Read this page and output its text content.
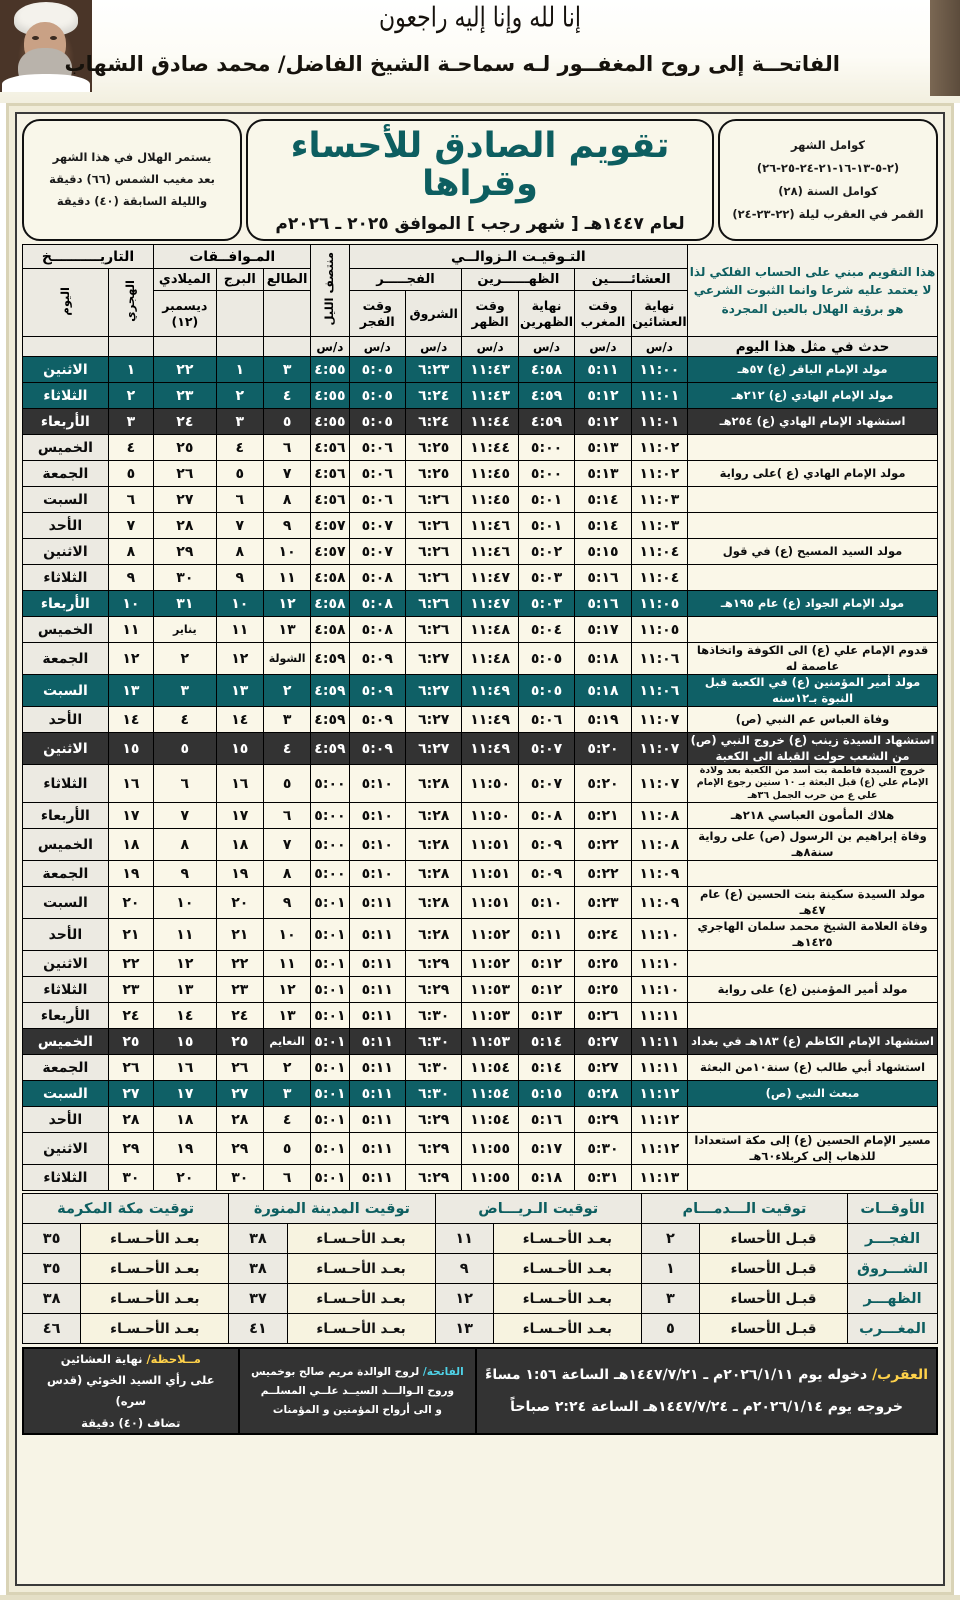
إنا لله وإنا إليه راجعون
الفاتحــة إلى روح المغفــور لـه سماحـة الشيخ الفاضل/ محمد صادق الشهاب
كوامل الشهر
(٢-٥-١٣-١٦-٢١-٢٤-٢٥-٢٦)
كوامل السنة (٢٨)
القمر في العقرب ليلة (٢٢-٢٣-٢٤)
تقويم الصادق للأحساء وقراها
لعام ١٤٤٧هـ [ شهر رجب ] الموافق ٢٠٢٥ ـ ٢٠٢٦م
يستمر الهلال في هذا الشهر
بعد مغيب الشمس (٦٦) دقيقة
والليلة السابقة (٤٠) دقيقة
هذا التقويم مبني على الحساب الفلكي لذا لا يعتمد عليه شرعا وانما الثبوت الشرعي هو برؤية الهلال بالعين المجردة	التـوقيـت الـزوالــي						منتصف الليل	المـوافــقات			التاريــــــــــخ	
	العشائـــــين		الظهــــــرين		الفجـــــر			الطالع	البرج	الميلادي	الهجري	اليوم
	نهاية العشائين	وقت المغرب	نهاية الظهرين	وقت الظهر	الشروق	وقت الفجر				ديسمبر (١٢)		
حدث في مثل هذا اليوم	د/س	د/س	د/س	د/س	د/س	د/س	د/س					
مولد الإمام الباقر (ع) ٥٧هـ	١١:٠٠	٥:١١	٤:٥٨	١١:٤٣	٦:٢٣	٥:٠٥	٤:٥٥	٣	١	٢٢	١	الاثنين
مولد الإمام الهادي (ع) ٢١٢هـ	١١:٠١	٥:١٢	٤:٥٩	١١:٤٣	٦:٢٤	٥:٠٥	٤:٥٥	٤	٢	٢٣	٢	الثلاثاء
استشهاد الإمام الهادي (ع) ٢٥٤هـ	١١:٠١	٥:١٢	٤:٥٩	١١:٤٤	٦:٢٤	٥:٠٥	٤:٥٥	٥	٣	٢٤	٣	الأربعاء
	١١:٠٢	٥:١٣	٥:٠٠	١١:٤٤	٦:٢٥	٥:٠٦	٤:٥٦	٦	٤	٢٥	٤	الخميس
مولد الإمام الهادي (ع )على رواية	١١:٠٢	٥:١٣	٥:٠٠	١١:٤٥	٦:٢٥	٥:٠٦	٤:٥٦	٧	٥	٢٦	٥	الجمعة
	١١:٠٣	٥:١٤	٥:٠١	١١:٤٥	٦:٢٦	٥:٠٦	٤:٥٦	٨	٦	٢٧	٦	السبت
	١١:٠٣	٥:١٤	٥:٠١	١١:٤٦	٦:٢٦	٥:٠٧	٤:٥٧	٩	٧	٢٨	٧	الأحد
مولد السيد المسيح (ع) في قول	١١:٠٤	٥:١٥	٥:٠٢	١١:٤٦	٦:٢٦	٥:٠٧	٤:٥٧	١٠	٨	٢٩	٨	الاثنين
	١١:٠٤	٥:١٦	٥:٠٣	١١:٤٧	٦:٢٦	٥:٠٨	٤:٥٨	١١	٩	٣٠	٩	الثلاثاء
مولد الإمام الجواد (ع) عام ١٩٥هـ	١١:٠٥	٥:١٦	٥:٠٣	١١:٤٧	٦:٢٦	٥:٠٨	٤:٥٨	١٢	١٠	٣١	١٠	الأربعاء
	١١:٠٥	٥:١٧	٥:٠٤	١١:٤٨	٦:٢٦	٥:٠٨	٤:٥٨	١٣	١١	يناير	١١	الخميس
قدوم الإمام علي (ع) الى الكوفة واتخاذها عاصمة له	١١:٠٦	٥:١٨	٥:٠٥	١١:٤٨	٦:٢٧	٥:٠٩	٤:٥٩	الشولة	١٢	٢	١٢	الجمعة
مولد أمير المؤمنين (ع) في الكعبة قبل النبوة بـ١٢سنه	١١:٠٦	٥:١٨	٥:٠٥	١١:٤٩	٦:٢٧	٥:٠٩	٤:٥٩	٢	١٣	٣	١٣	السبت
وفاة العباس عم النبي (ص)	١١:٠٧	٥:١٩	٥:٠٦	١١:٤٩	٦:٢٧	٥:٠٩	٤:٥٩	٣	١٤	٤	١٤	الأحد
استشهاد السيدة زينب (ع) خروج النبي (ص) من الشعب حولت القبلة الى الكعبة	١١:٠٧	٥:٢٠	٥:٠٧	١١:٤٩	٦:٢٧	٥:٠٩	٤:٥٩	٤	١٥	٥	١٥	الاثنين
خروج السيدة فاطمة بت أسد من الكعبة بعد ولادة الإمام علي (ع) قبل البعثة بـ ١٠ سنين رجوع الإمام علي ع من حرب الجمل ٣٦هـ	١١:٠٧	٥:٢٠	٥:٠٧	١١:٥٠	٦:٢٨	٥:١٠	٥:٠٠	٥	١٦	٦	١٦	الثلاثاء
هلاك المأمون العباسي ٢١٨هـ	١١:٠٨	٥:٢١	٥:٠٨	١١:٥٠	٦:٢٨	٥:١٠	٥:٠٠	٦	١٧	٧	١٧	الأربعاء
وفاة إبراهيم بن الرسول (ص) على رواية سنة٨هـ	١١:٠٨	٥:٢٢	٥:٠٩	١١:٥١	٦:٢٨	٥:١٠	٥:٠٠	٧	١٨	٨	١٨	الخميس
	١١:٠٩	٥:٢٢	٥:٠٩	١١:٥١	٦:٢٨	٥:١٠	٥:٠٠	٨	١٩	٩	١٩	الجمعة
مولد السيدة سكينة بنت الحسين (ع) عام ٤٧هـ	١١:٠٩	٥:٢٣	٥:١٠	١١:٥١	٦:٢٨	٥:١١	٥:٠١	٩	٢٠	١٠	٢٠	السبت
وفاة العلامة الشيخ محمد سلمان الهاجري ١٤٢٥هـ	١١:١٠	٥:٢٤	٥:١١	١١:٥٢	٦:٢٨	٥:١١	٥:٠١	١٠	٢١	١١	٢١	الأحد
	١١:١٠	٥:٢٥	٥:١٢	١١:٥٢	٦:٢٩	٥:١١	٥:٠١	١١	٢٢	١٢	٢٢	الاثنين
مولد أمير المؤمنين (ع) على رواية	١١:١٠	٥:٢٥	٥:١٢	١١:٥٣	٦:٢٩	٥:١١	٥:٠١	١٢	٢٣	١٣	٢٣	الثلاثاء
	١١:١١	٥:٢٦	٥:١٣	١١:٥٣	٦:٣٠	٥:١١	٥:٠١	١٣	٢٤	١٤	٢٤	الأربعاء
استشهاد الإمام الكاظم (ع) ١٨٣هـ في بغداد	١١:١١	٥:٢٧	٥:١٤	١١:٥٣	٦:٣٠	٥:١١	٥:٠١	النعايم	٢٥	١٥	٢٥	الخميس
استشهاد أبي طالب (ع) سنة١٠من البعثة	١١:١١	٥:٢٧	٥:١٤	١١:٥٤	٦:٣٠	٥:١١	٥:٠١	٢	٢٦	١٦	٢٦	الجمعة
مبعث النبي (ص)	١١:١٢	٥:٢٨	٥:١٥	١١:٥٤	٦:٣٠	٥:١١	٥:٠١	٣	٢٧	١٧	٢٧	السبت
	١١:١٢	٥:٢٩	٥:١٦	١١:٥٤	٦:٢٩	٥:١١	٥:٠١	٤	٢٨	١٨	٢٨	الأحد
مسير الإمام الحسين (ع) إلى مكة استعدادا للذهاب إلى كربلاء٦٠هـ	١١:١٢	٥:٣٠	٥:١٧	١١:٥٥	٦:٢٩	٥:١١	٥:٠١	٥	٢٩	١٩	٢٩	الاثنين
	١١:١٣	٥:٣١	٥:١٨	١١:٥٥	٦:٢٩	٥:١١	٥:٠١	٦	٣٠	٢٠	٣٠	الثلاثاء
الأوقــات	توقيت الـــدمـــام		توقيت الـريـــاض		توقيت المدينة المنورة		توقيت مكة المكرمة	
الفجـــر	قبـل الأحساء	٢	بعـد الأحـسـاء	١١	بعـد الأحـسـاء	٣٨	بعـد الأحـسـاء	٣٥
الشـــروق	قبـل الأحساء	١	بعـد الأحـسـاء	٩	بعـد الأحـسـاء	٣٨	بعـد الأحـسـاء	٣٥
الظهـــر	قبـل الأحساء	٣	بعـد الأحـسـاء	١٢	بعـد الأحـسـاء	٣٧	بعـد الأحـسـاء	٣٨
المغـــرب	قبـل الأحساء	٥	بعـد الأحـسـاء	١٣	بعـد الأحـسـاء	٤١	بعـد الأحـسـاء	٤٦
العقرب/ دخوله يوم ٢٠٢٦/١/١١م ـ ١٤٤٧/٧/٢١هـ الساعة ١:٥٦ مساءً
خروجه يوم ٢٠٢٦/١/١٤م ـ ١٤٤٧/٧/٢٤هـ الساعة ٢:٢٤ صباحاً
الفاتحة/ لروح الوالدة مريم صالح بوخميس
وروح الـوالـــد السيــد علــي المسلــم
و الى أرواح المؤمنين و المؤمنات
مــلاحظة/ نهاية العشائين
على رأي السيد الخوئي (قدس سره)
تضاف (٤٠) دقيقة
